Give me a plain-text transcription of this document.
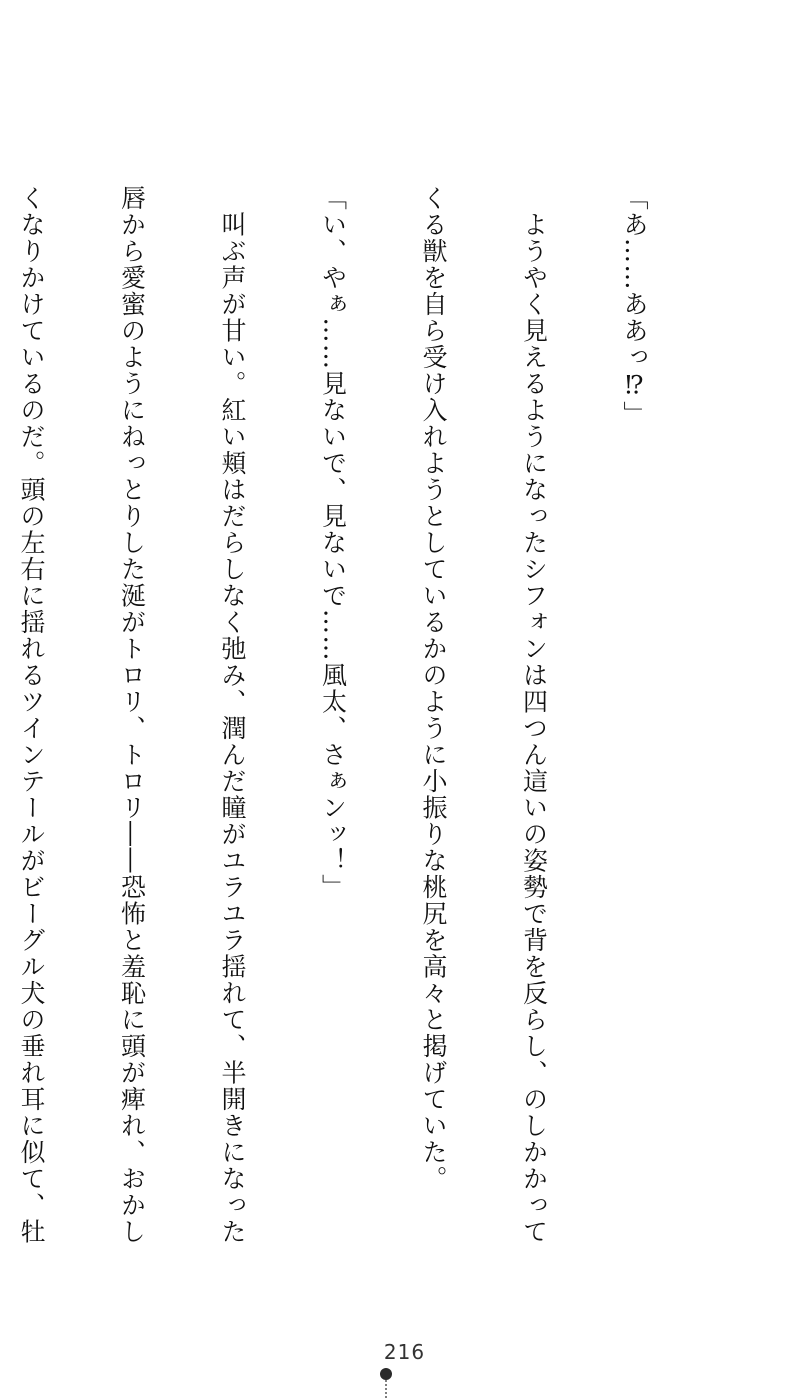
「あ……ああっ⁉」

　ようやく見えるようになったシフォンは四つん這いの姿勢で背を反らし、のしかかって

くる獣を自ら受け入れようとしているかのように小振りな桃尻を高々と掲げていた。

「い、やぁ……見ないで、見ないで……風太、さぁンッ！」

　叫ぶ声が甘い。紅い頬はだらしなく弛み、潤んだ瞳がユラユラ揺れて、半開きになった

唇から愛蜜のようにねっとりした涎がトロリ、トロリ――恐怖と羞恥に頭が痺れ、おかし

くなりかけているのだ。頭の左右に揺れるツインテールがビーグル犬の垂れ耳に似て、牡

216
